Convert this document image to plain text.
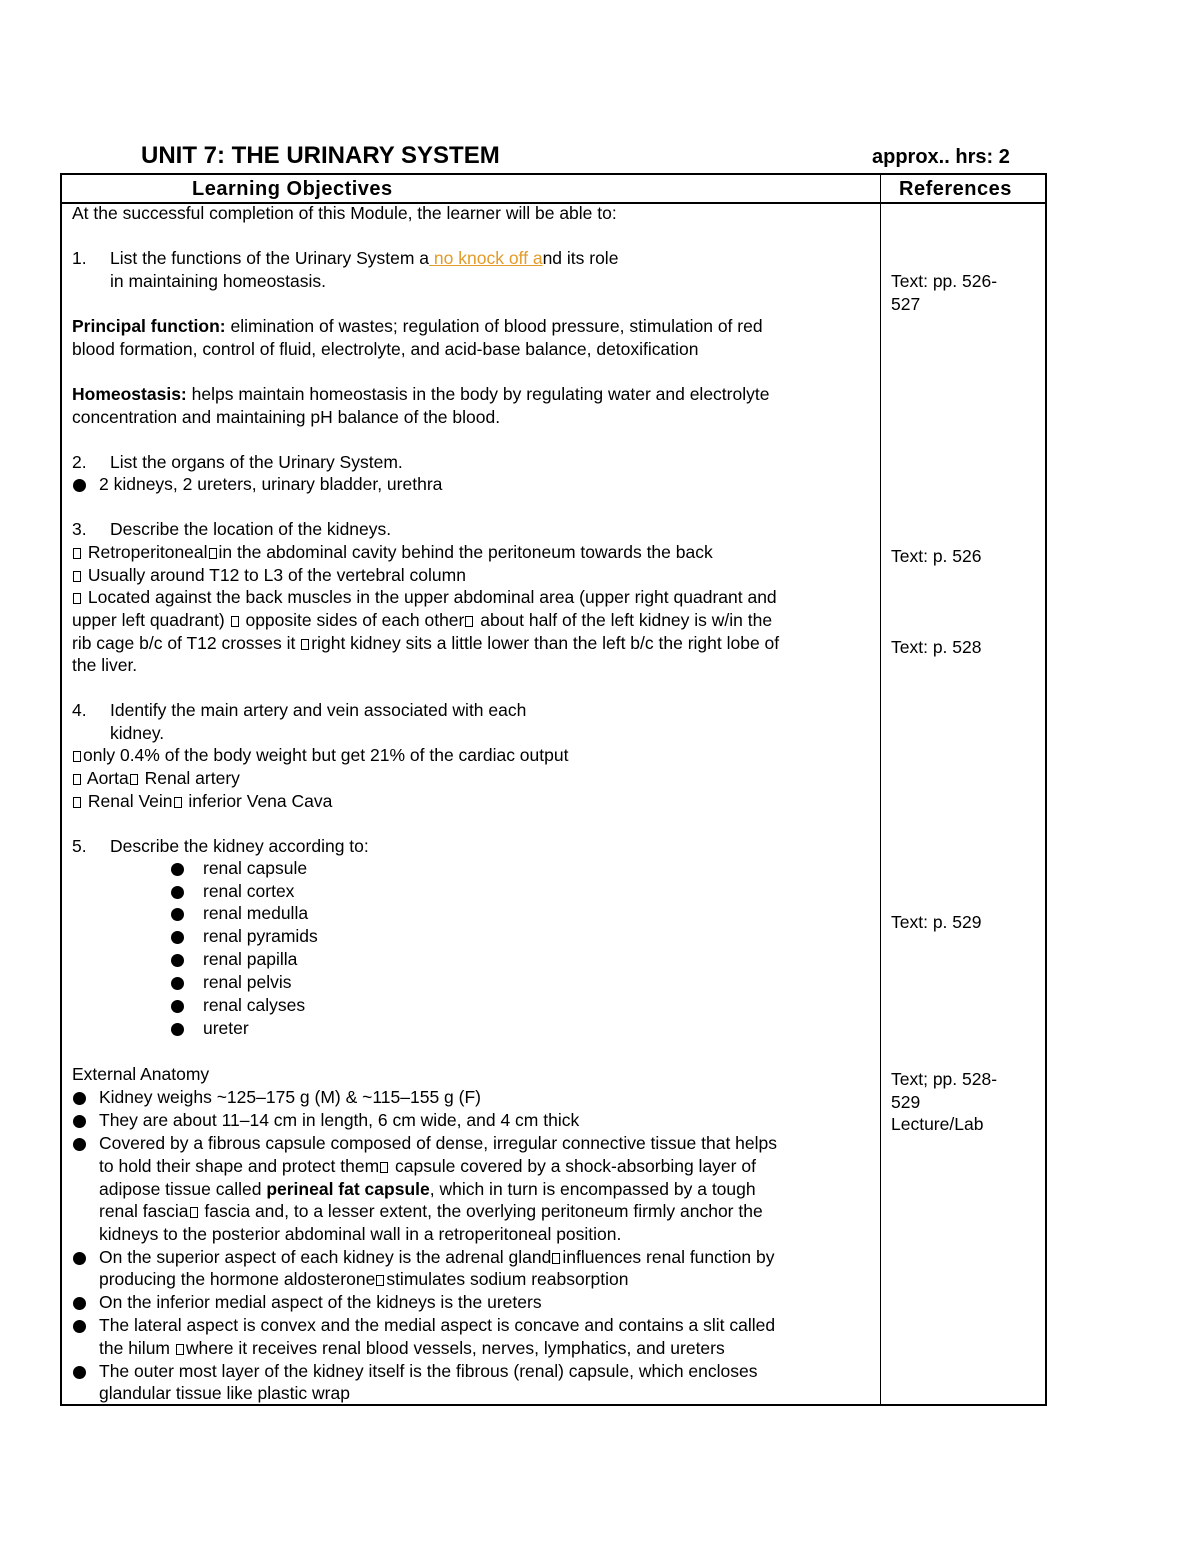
UNIT 7: THE URINARY SYSTEM	approx.. hrs: 2
Learning Objectives	References
At the successful completion of this Module, the learner will be able to:
1. List the functions of the Urinary System a no knock off and its role
in maintaining homeostasis.
Principal function: elimination of wastes; regulation of blood pressure, stimulation of red
blood formation, control of fluid, electrolyte, and acid-base balance, detoxification
Homeostasis: helps maintain homeostasis in the body by regulating water and electrolyte
concentration and maintaining pH balance of the blood.
2. List the organs of the Urinary System.
2 kidneys, 2 ureters, urinary bladder, urethra
3. Describe the location of the kidneys.
Retroperitoneal in the abdominal cavity behind the peritoneum towards the back
Usually around T12 to L3 of the vertebral column
Located against the back muscles in the upper abdominal area (upper right quadrant and
upper left quadrant)  opposite sides of each other about half of the left kidney is w/in the
rib cage b/c of T12 crosses it right kidney sits a little lower than the left b/c the right lobe of
the liver.
4. Identify the main artery and vein associated with each
kidney.
only 0.4% of the body weight but get 21% of the cardiac output
Aorta Renal artery
Renal Vein inferior Vena Cava
5. Describe the kidney according to:
renal capsule
renal cortex
renal medulla
renal pyramids
renal papilla
renal pelvis
renal calyses
ureter
External Anatomy
Kidney weighs ~125–175 g (M) & ~115–155 g (F)
They are about 11–14 cm in length, 6 cm wide, and 4 cm thick
Covered by a fibrous capsule composed of dense, irregular connective tissue that helps
to hold their shape and protect them capsule covered by a shock-absorbing layer of
adipose tissue called perineal fat capsule, which in turn is encompassed by a tough
renal fascia fascia and, to a lesser extent, the overlying peritoneum firmly anchor the
kidneys to the posterior abdominal wall in a retroperitoneal position.
On the superior aspect of each kidney is the adrenal gland influences renal function by
producing the hormone aldosterone stimulates sodium reabsorption
On the inferior medial aspect of the kidneys is the ureters
The lateral aspect is convex and the medial aspect is concave and contains a slit called
the hilum where it receives renal blood vessels, nerves, lymphatics, and ureters
The outer most layer of the kidney itself is the fibrous (renal) capsule, which encloses
glandular tissue like plastic wrap
Text: pp. 526-
527
Text: p. 526
Text: p. 528
Text: p. 529
Text; pp. 528-
529
Lecture/Lab
